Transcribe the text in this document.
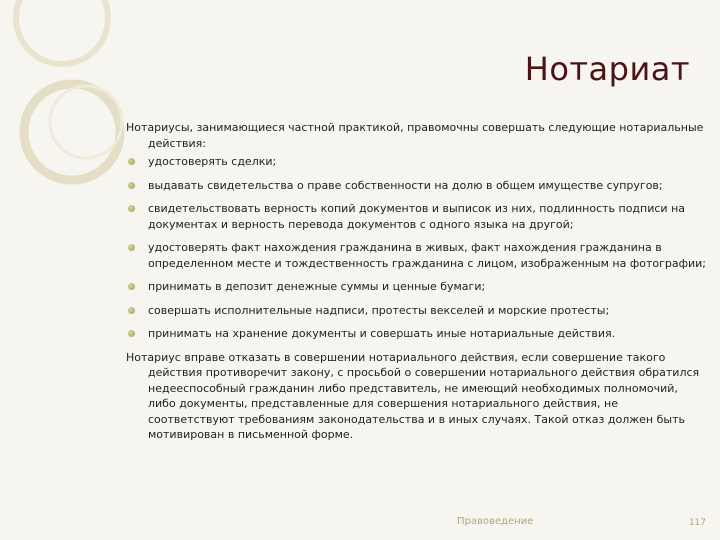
Нотариат

Нотариусы, занимающиеся частной практикой, правомочны совершать следующие нотариальные действия:

удостоверять сделки;
выдавать свидетельства о праве собственности на долю в общем имуществе супругов;
свидетельствовать верность копий документов и выписок из них, подлинность подписи на документах и верность перевода документов с одного языка на другой;
удостоверять факт нахождения гражданина в живых, факт нахождения гражданина в определенном месте и тождественность гражданина с лицом, изображенным на фотографии;
принимать в депозит денежные суммы и ценные бумаги;
совершать исполнительные надписи, протесты векселей и морские протесты;
принимать на хранение документы и совершать иные нотариальные действия.

Нотариус вправе отказать в совершении нотариального действия, если совершение такого действия противоречит закону, с просьбой о совершении нотариального действия обратился недееспособный гражданин либо представитель, не имеющий необходимых полномочий, либо документы, представленные для совершения нотариального действия, не соответствуют требованиям законодательства и в иных случаях. Такой отказ должен быть мотивирован в письменной форме.

Правоведение	117
